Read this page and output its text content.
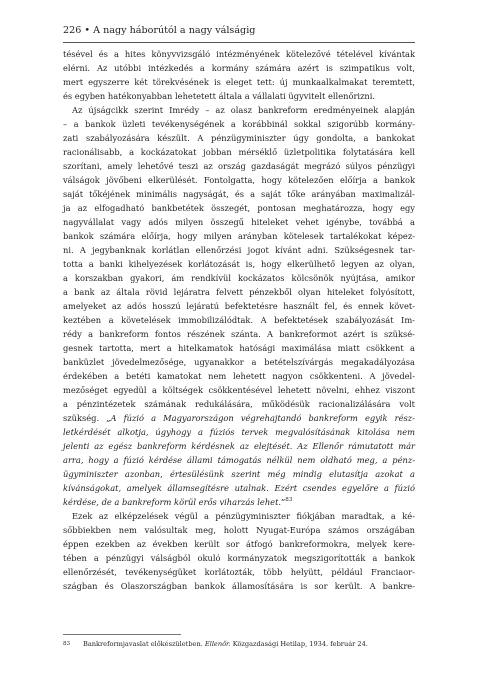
226 • A nagy háborútól a nagy válságig
tésével és a hites könyvvizsgáló intézményének kötelezővé tételével kívántak
elérni. Az utóbbi intézkedés a kormány számára azért is szimpatikus volt,
mert egyszerre két törekvésének is eleget tett: új munkaalkalmakat teremtett,
és egyben hatékonyabban lehetetett általa a vállalati ügyvitelt ellenőrizni.
Az újságcikk szerint Imrédy – az olasz bankreform eredményeinek alapján
– a bankok üzleti tevékenységének a korábbinál sokkal szigorúbb kormány-
zati szabályozására készült. A pénzügyminiszter úgy gondolta, a bankokat
racionálisabb, a kockázatokat jobban mérséklő üzletpolitika folytatására kell
szorítani, amely lehetővé teszi az ország gazdaságát megrázó súlyos pénzügyi
válságok jövőbeni elkerülését. Fontolgatta, hogy kötelezően előírja a bankok
saját tőkéjének minimális nagyságát, és a saját tőke arányában maximalizál-
ja az elfogadható bankbetétek összegét, pontosan meghatározza, hogy egy
nagyvállalat vagy adós milyen összegű hiteleket vehet igénybe, továbbá a
bankok számára előírja, hogy milyen arányban kötelesek tartalékokat képez-
ni. A jegybanknak korlátlan ellenőrzési jogot kívánt adni. Szükségesnek tar-
totta a banki kihelyezések korlátozását is, hogy elkerülhető legyen az olyan,
a korszakban gyakori, ám rendkívül kockázatos kölcsönök nyújtása, amikor
a bank az általa rövid lejáratra felvett pénzekből olyan hiteleket folyósított,
amelyeket az adós hosszú lejáratú befektetésre használt fel, és ennek követ-
keztében a követelések immobilizálódtak. A befektetések szabályozását Im-
rédy a bankreform fontos részének szánta. A bankreformot azért is szüksé-
gesnek tartotta, mert a hitelkamatok hatósági maximálása miatt csökkent a
banküzlet jövedelmezősége, ugyanakkor a betételszívárgás megakadályozása
érdekében a betéti kamatokat nem lehetett nagyon csökkenteni. A jövedel-
mezőséget egyedül a költségek csökkentésével lehetett növelni, ehhez viszont
a pénzintézetek számának redukálására, működésük racionalizálására volt
szükség. „A fúzió a Magyarországon végrehajtandó bankreform egyik rész-
letkérdését alkotja, úgyhogy a fúziós tervek megvalósításának kitolása nem
jelenti az egész bankreform kérdésnek az elejtését. Az Ellenőr rámutatott már
arra, hogy a fúzió kérdése állami támogatás nélkül nem oldható meg, a pénz-
ügyminiszter azonban, értesülésünk szerint még mindig elutasítja azokat a
kívánságokat, amelyek államsegítésre utalnak. Ezért csendes egyelőre a fúzió
kérdése, de a bankreform körül erős viharzás lehet.”$^{83}$
Ezek az elképzelések végül a pénzügyminiszter fiókjában maradtak, a ké-
sőbbiekben nem valósultak meg, holott Nyugat-Európa számos országában
éppen ezekben az években került sor átfogó bankreformokra, melyek kere-
tében a pénzügyi válságból okuló kormányzatok megszigorították a bankok
ellenőrzését, tevékenységüket korlátozták, több helyütt, például Franciaor-
szágban és Olaszországban bankok államosítására is sor került. A bankre-
83 Bankreformjavaslat előkészületben. Ellenőr. Közgazdasági Hetilap, 1934. február 24.
